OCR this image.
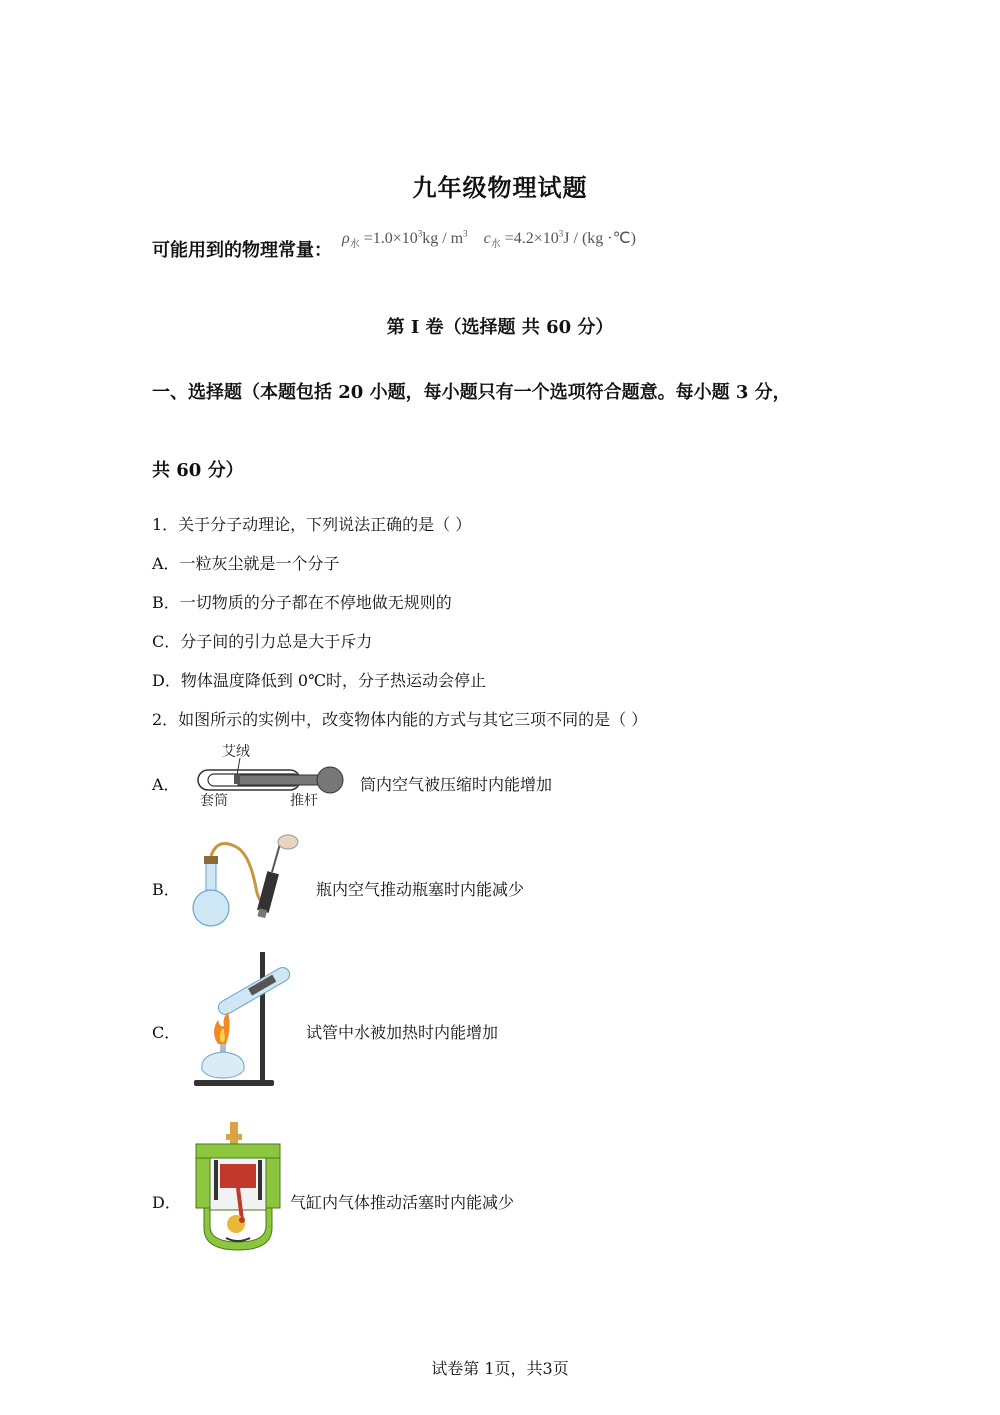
九年级物理试题
可能用到的物理常量：
$\rho_水 =1.0\times 10^3kg / m^3$ $c_水 =4.2\times 10^3J / (kg$ ·℃)
第 I 卷（选择题 共 60 分）
一、选择题（本题包括 20 小题，每小题只有一个选项符合题意。每小题 3 分，
共 60 分）
1．关于分子动理论，下列说法正确的是（ ）
A．一粒灰尘就是一个分子
B．一切物质的分子都在不停地做无规则的
C．分子间的引力总是大于斥力
D．物体温度降低到 0℃时，分子热运动会停止
2．如图所示的实例中，改变物体内能的方式与其它三项不同的是（ ）
A．
艾绒
套筒	推杆
筒内空气被压缩时内能增加
B．	瓶内空气推动瓶塞时内能减少
C．	试管中水被加热时内能增加
D．	气缸内气体推动活塞时内能减少
试卷第 1页，共3页
